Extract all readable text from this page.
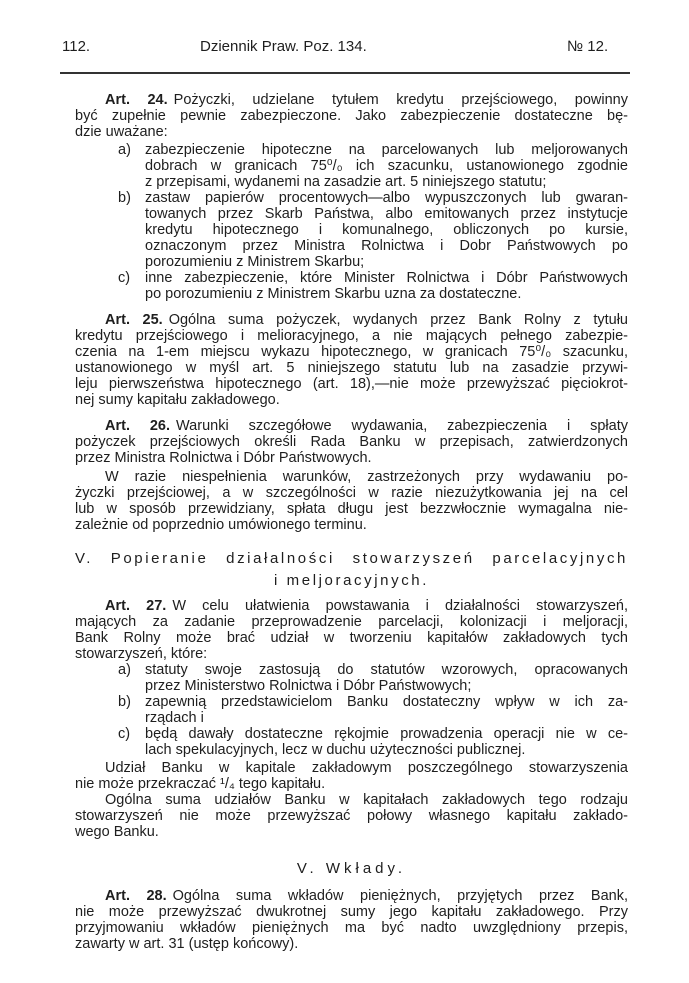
112.	Dziennik Praw. Poz. 134.	№ 12.
Art. 24. Pożyczki, udzielane tytułem kredytu przejściowego, powinny
być zupełnie pewnie zabezpieczone. Jako zabezpieczenie dostateczne bę-
dzie uważane:
a) zabezpieczenie hipoteczne na parcelowanych lub meljorowanych
dobrach w granicach 75⁰/₀ ich szacunku, ustanowionego zgodnie
z przepisami, wydanemi na zasadzie art. 5 niniejszego statutu;
b) zastaw papierów procentowych—albo wypuszczonych lub gwaran-
towanych przez Skarb Państwa, albo emitowanych przez instytucje
kredytu hipotecznego i komunalnego, obliczonych po kursie,
oznaczonym przez Ministra Rolnictwa i Dobr Państwowych po
porozumieniu z Ministrem Skarbu;
c) inne zabezpieczenie, które Minister Rolnictwa i Dóbr Państwowych
po porozumieniu z Ministrem Skarbu uzna za dostateczne.
Art. 25. Ogólna suma pożyczek, wydanych przez Bank Rolny z tytułu
kredytu przejściowego i melioracyjnego, a nie mających pełnego zabezpie-
czenia na 1-em miejscu wykazu hipotecznego, w granicach 75⁰/₀ szacunku,
ustanowionego w myśl art. 5 niniejszego statutu lub na zasadzie przywi-
leju pierwszeństwa hipotecznego (art. 18),—nie może przewyższać pięciokrot-
nej sumy kapitału zakładowego.
Art. 26. Warunki szczegółowe wydawania, zabezpieczenia i spłaty
pożyczek przejściowych określi Rada Banku w przepisach, zatwierdzonych
przez Ministra Rolnictwa i Dóbr Państwowych.
W razie niespełnienia warunków, zastrzeżonych przy wydawaniu po-
życzki przejściowej, a w szczególności w razie niezużytkowania jej na cel
lub w sposób przewidziany, spłata długu jest bezzwłocznie wymagalna nie-
zależnie od poprzednio umówionego terminu.
V. Popieranie działalności stowarzyszeń parcelacyjnych
i meljoracyjnych.
Art. 27. W celu ułatwienia powstawania i działalności stowarzyszeń,
mających za zadanie przeprowadzenie parcelacji, kolonizacji i meljoracji,
Bank Rolny może brać udział w tworzeniu kapitałów zakładowych tych
stowarzyszeń, które:
a) statuty swoje zastosują do statutów wzorowych, opracowanych
przez Ministerstwo Rolnictwa i Dóbr Państwowych;
b) zapewnią przedstawicielom Banku dostateczny wpływ w ich za-
rządach i
c) będą dawały dostateczne rękojmie prowadzenia operacji nie w ce-
lach spekulacyjnych, lecz w duchu użyteczności publicznej.
Udział Banku w kapitale zakładowym poszczególnego stowarzyszenia
nie może przekraczać ¹/₄ tego kapitału.
Ogólna suma udziałów Banku w kapitałach zakładowych tego rodzaju
stowarzyszeń nie może przewyższać połowy własnego kapitału zakłado-
wego Banku.
V. Wkłady.
Art. 28. Ogólna suma wkładów pieniężnych, przyjętych przez Bank,
nie może przewyższać dwukrotnej sumy jego kapitału zakładowego. Przy
przyjmowaniu wkładów pieniężnych ma być nadto uwzględniony przepis,
zawarty w art. 31 (ustęp końcowy).
